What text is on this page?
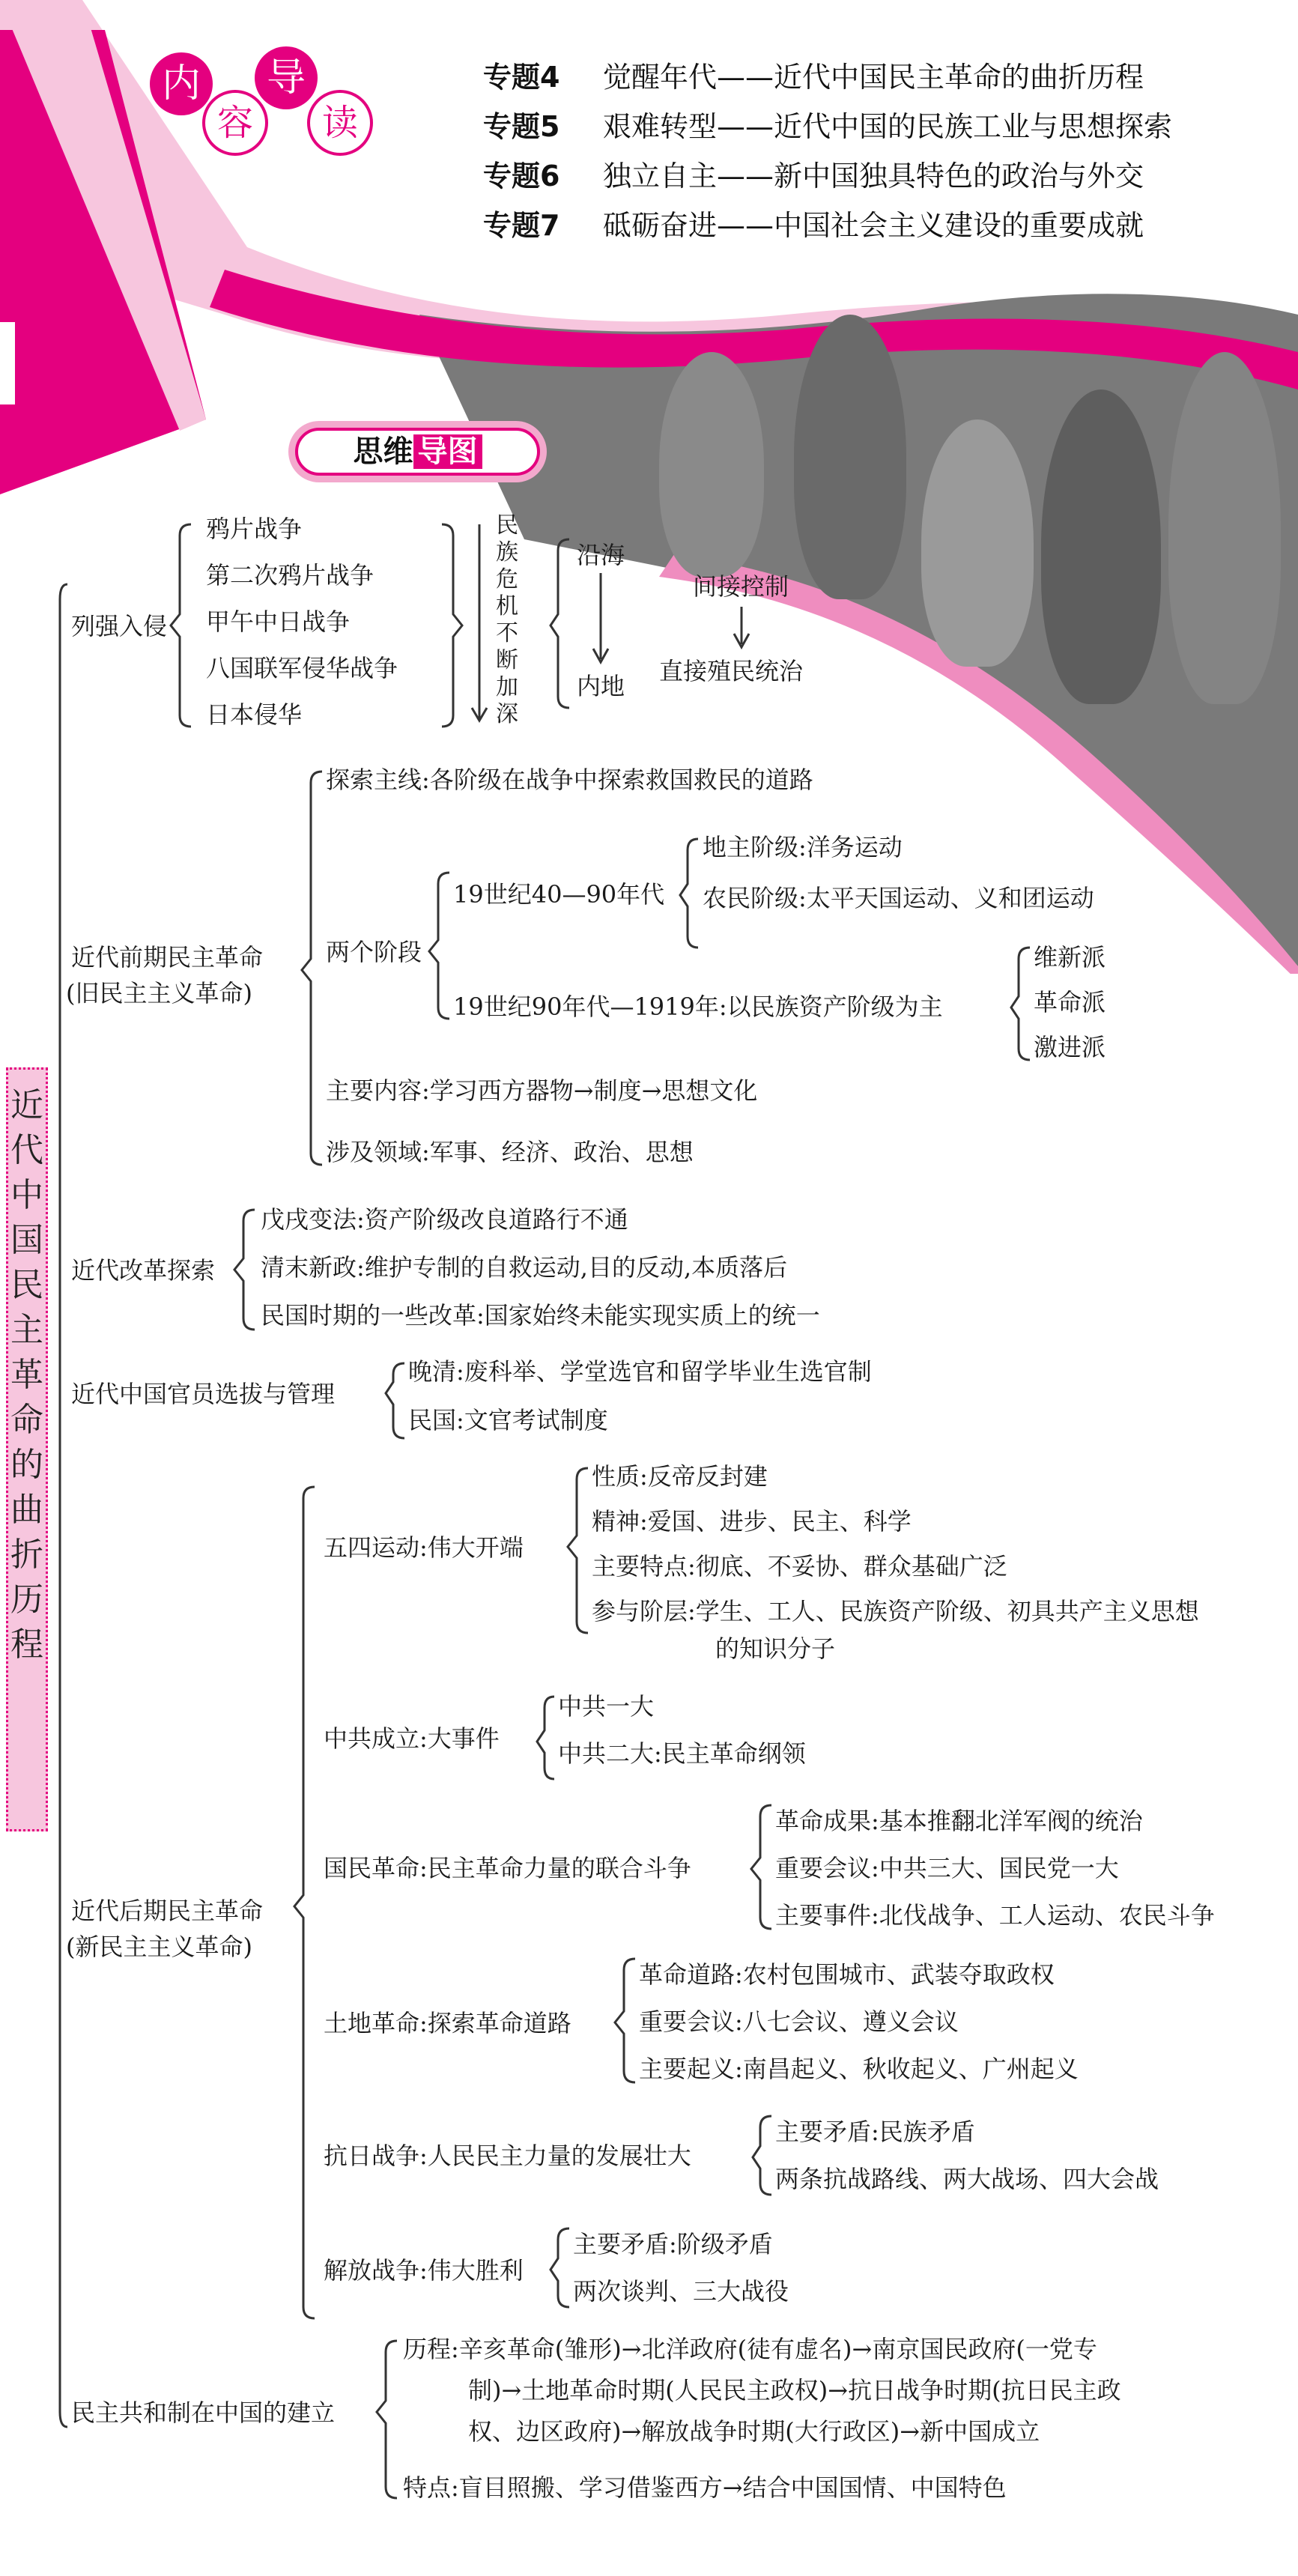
内
容
导
读
专题4 觉醒年代——近代中国民主革命的曲折历程
专题5 艰难转型——近代中国的民族工业与思想探索
专题6 独立自主——新中国独具特色的政治与外交
专题7 砥砺奋进——中国社会主义建设的重要成就
思维 导图
近
代
中
国
民
主
革
命
的
曲
折
历
程
列强入侵
鸦片战争
第二次鸦片战争
甲午中日战争
八国联军侵华战争
日本侵华
民
族
危
机
不
断
加
深
沿海
内地
间接控制
直接殖民统治
近代前期民主革命
(旧民主主义革命)
探索主线:各阶级在战争中探索救国救民的道路
两个阶段
19世纪40—90年代
地主阶级:洋务运动
农民阶级:太平天国运动、义和团运动
19世纪90年代—1919年:以民族资产阶级为主
维新派
革命派
激进派
主要内容:学习西方器物→制度→思想文化
涉及领域:军事、经济、政治、思想
近代改革探索
戊戌变法:资产阶级改良道路行不通
清末新政:维护专制的自救运动,目的反动,本质落后
民国时期的一些改革:国家始终未能实现实质上的统一
近代中国官员选拔与管理
晚清:废科举、学堂选官和留学毕业生选官制
民国:文官考试制度
近代后期民主革命
(新民主主义革命)
五四运动:伟大开端
性质:反帝反封建
精神:爱国、进步、民主、科学
主要特点:彻底、不妥协、群众基础广泛
参与阶层:学生、工人、民族资产阶级、初具共产主义思想
的知识分子
中共成立:大事件
中共一大
中共二大:民主革命纲领
国民革命:民主革命力量的联合斗争
革命成果:基本推翻北洋军阀的统治
重要会议:中共三大、国民党一大
主要事件:北伐战争、工人运动、农民斗争
土地革命:探索革命道路
革命道路:农村包围城市、武装夺取政权
重要会议:八七会议、遵义会议
主要起义:南昌起义、秋收起义、广州起义
抗日战争:人民民主力量的发展壮大
主要矛盾:民族矛盾
两条抗战路线、两大战场、四大会战
解放战争:伟大胜利
主要矛盾:阶级矛盾
两次谈判、三大战役
民主共和制在中国的建立
历程:辛亥革命(雏形)→北洋政府(徒有虚名)→南京国民政府(一党专
制)→土地革命时期(人民民主政权)→抗日战争时期(抗日民主政
权、边区政府)→解放战争时期(大行政区)→新中国成立
特点:盲目照搬、学习借鉴西方→结合中国国情、中国特色
